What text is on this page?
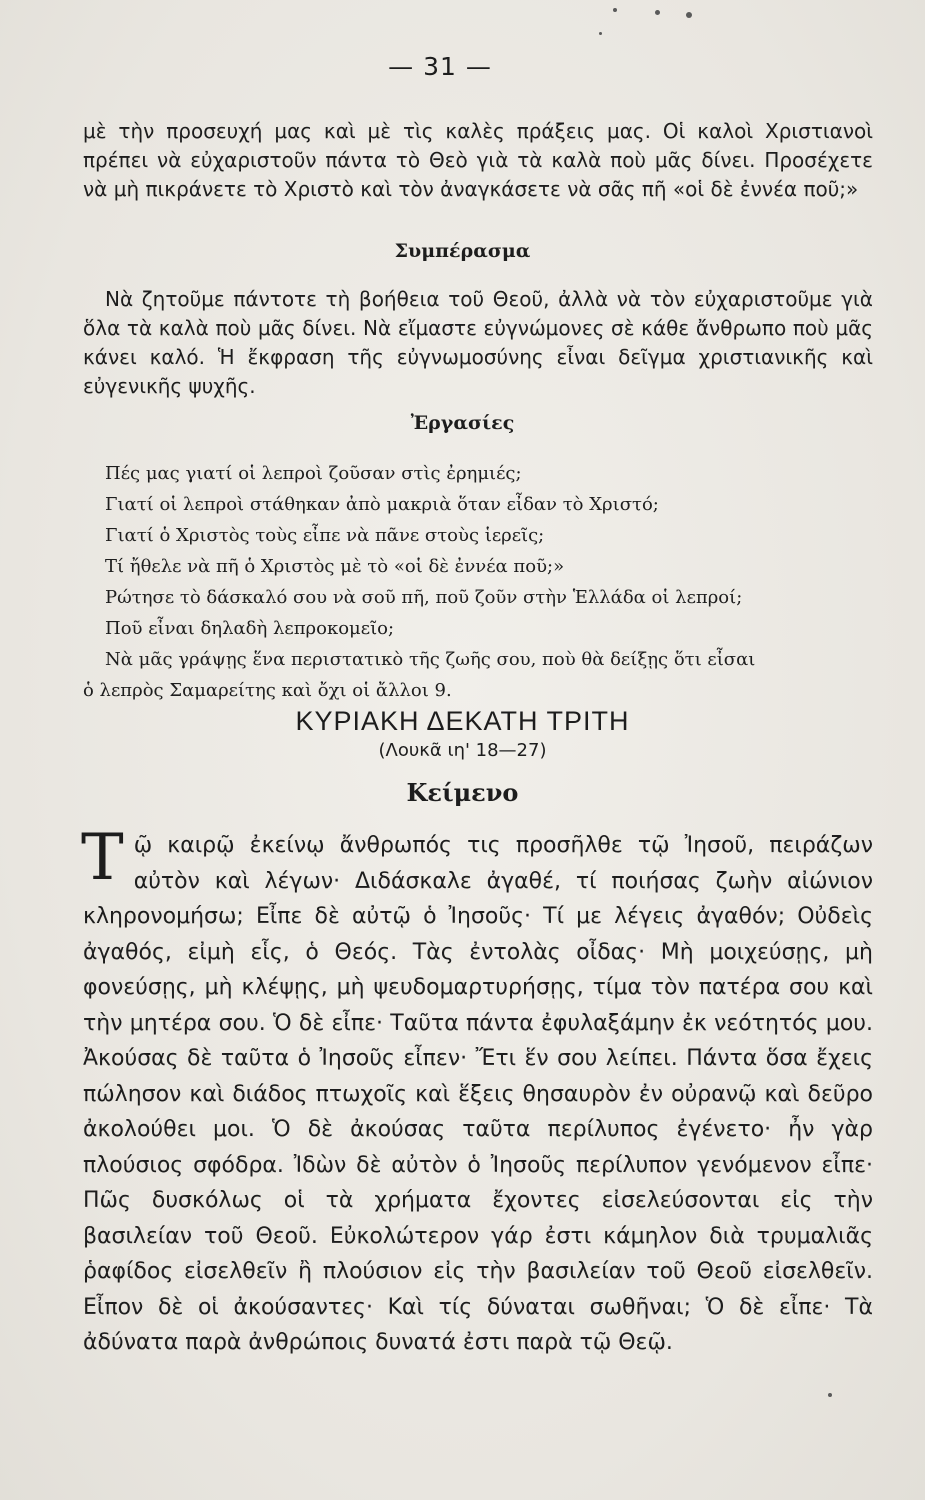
— 31 —
μὲ τὴν προσευχή μας καὶ μὲ τὶς καλὲς πράξεις μας. Οἱ καλοὶ Χριστιανοὶ πρέπει νὰ εὐχαριστοῦν πάντα τὸ Θεὸ γιὰ τὰ καλὰ ποὺ μᾶς δίνει. Προσέχετε νὰ μὴ πικράνετε τὸ Χριστὸ καὶ τὸν ἀναγκάσετε νὰ σᾶς πῆ «οἱ δὲ ἐννέα ποῦ;»
Συμπέρασμα
Νὰ ζητοῦμε πάντοτε τὴ βοήθεια τοῦ Θεοῦ, ἀλλὰ νὰ τὸν εὐχαριστοῦμε γιὰ ὅλα τὰ καλὰ ποὺ μᾶς δίνει. Νὰ εἴμαστε εὐγνώμονες σὲ κάθε ἄνθρωπο ποὺ μᾶς κάνει καλό. Ἡ ἔκφραση τῆς εὐγνωμοσύνης εἶναι δεῖγμα χριστιανικῆς καὶ εὐγενικῆς ψυχῆς.
Ἐργασίες
Πές μας γιατί οἱ λεπροὶ ζοῦσαν στὶς ἐρημιές;
Γιατί οἱ λεπροὶ στάθηκαν ἀπὸ μακριὰ ὅταν εἶδαν τὸ Χριστό;
Γιατί ὁ Χριστὸς τοὺς εἶπε νὰ πᾶνε στοὺς ἱερεῖς;
Τί ἤθελε νὰ πῆ ὁ Χριστὸς μὲ τὸ «οἱ δὲ ἐννέα ποῦ;»
Ρώτησε τὸ δάσκαλό σου νὰ σοῦ πῆ, ποῦ ζοῦν στὴν Ἑλλάδα οἱ λεπροί;
Ποῦ εἶναι δηλαδὴ λεπροκομεῖο;
Νὰ μᾶς γράψῃς ἕνα περιστατικὸ τῆς ζωῆς σου, ποὺ θὰ δείξῃς ὅτι εἶσαι
ὁ λεπρὸς Σαμαρείτης καὶ ὄχι οἱ ἄλλοι 9.
ΚΥΡΙΑΚΗ ΔΕΚΑΤΗ ΤΡΙΤΗ
(Λουκᾶ ιη' 18—27)
Κείμενο
Τῷ καιρῷ ἐκείνῳ ἄνθρωπός τις προσῆλθε τῷ Ἰησοῦ, πειράζων αὐτὸν καὶ λέγων· Διδάσκαλε ἀγαθέ, τί ποιήσας ζωὴν αἰώνιον κληρονομήσω; Εἶπε δὲ αὐτῷ ὁ Ἰησοῦς· Τί με λέγεις ἀγαθόν; Οὐδεὶς ἀγαθός, εἰμὴ εἷς, ὁ Θεός. Τὰς ἐντολὰς οἶδας· Μὴ μοιχεύσῃς, μὴ φονεύσῃς, μὴ κλέψῃς, μὴ ψευδομαρτυρήσῃς, τίμα τὸν πατέρα σου καὶ τὴν μητέρα σου. Ὁ δὲ εἶπε· Ταῦτα πάντα ἐφυλαξάμην ἐκ νεότητός μου. Ἀκούσας δὲ ταῦτα ὁ Ἰησοῦς εἶπεν· Ἔτι ἕν σου λείπει. Πάντα ὅσα ἔχεις πώλησον καὶ διάδος πτωχοῖς καὶ ἕξεις θησαυρὸν ἐν οὐρανῷ καὶ δεῦρο ἀκολούθει μοι. Ὁ δὲ ἀκούσας ταῦτα περίλυπος ἐγένετο· ἦν γὰρ πλούσιος σφόδρα. Ἰδὼν δὲ αὐτὸν ὁ Ἰησοῦς περίλυπον γενόμενον εἶπε· Πῶς δυσκόλως οἱ τὰ χρήματα ἔχοντες εἰσελεύσονται εἰς τὴν βασιλείαν τοῦ Θεοῦ. Εὐκολώτερον γάρ ἐστι κάμηλον διὰ τρυμαλιᾶς ῥαφίδος εἰσελθεῖν ἢ πλούσιον εἰς τὴν βασιλείαν τοῦ Θεοῦ εἰσελθεῖν. Εἶπον δὲ οἱ ἀκούσαντες· Καὶ τίς δύναται σωθῆναι; Ὁ δὲ εἶπε· Τὰ ἀδύνατα παρὰ ἀνθρώποις δυνατά ἐστι παρὰ τῷ Θεῷ.
